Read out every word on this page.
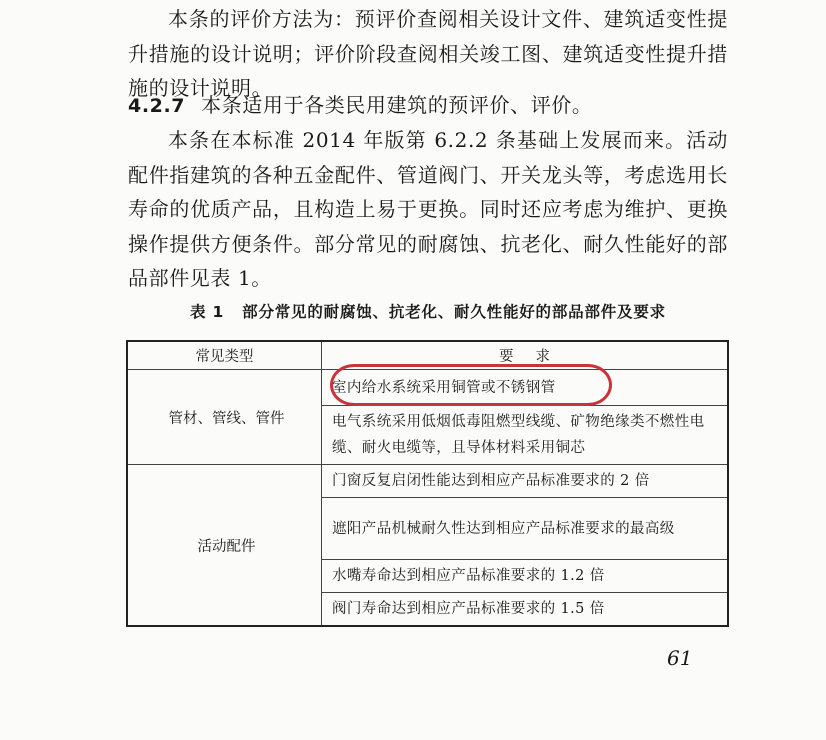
本条的评价方法为：预评价查阅相关设计文件、建筑适变性提升措施的设计说明；评价阶段查阅相关竣工图、建筑适变性提升措施的设计说明。

4.2.7 本条适用于各类民用建筑的预评价、评价。

本条在本标准 2014 年版第 6.2.2 条基础上发展而来。活动配件指建筑的各种五金配件、管道阀门、开关龙头等，考虑选用长寿命的优质产品，且构造上易于更换。同时还应考虑为维护、更换操作提供方便条件。部分常见的耐腐蚀、抗老化、耐久性能好的部品部件见表 1。

表 1 部分常见的耐腐蚀、抗老化、耐久性能好的部品部件及要求
常见类型	要求
管材、管线、管件	室内给水系统采用铜管或不锈钢管
	电气系统采用低烟低毒阻燃型线缆、矿物绝缘类不燃性电缆、耐火电缆等，且导体材料采用铜芯
活动配件	门窗反复启闭性能达到相应产品标准要求的 2 倍
	遮阳产品机械耐久性达到相应产品标准要求的最高级
	水嘴寿命达到相应产品标准要求的 1.2 倍
	阀门寿命达到相应产品标准要求的 1.5 倍
61
